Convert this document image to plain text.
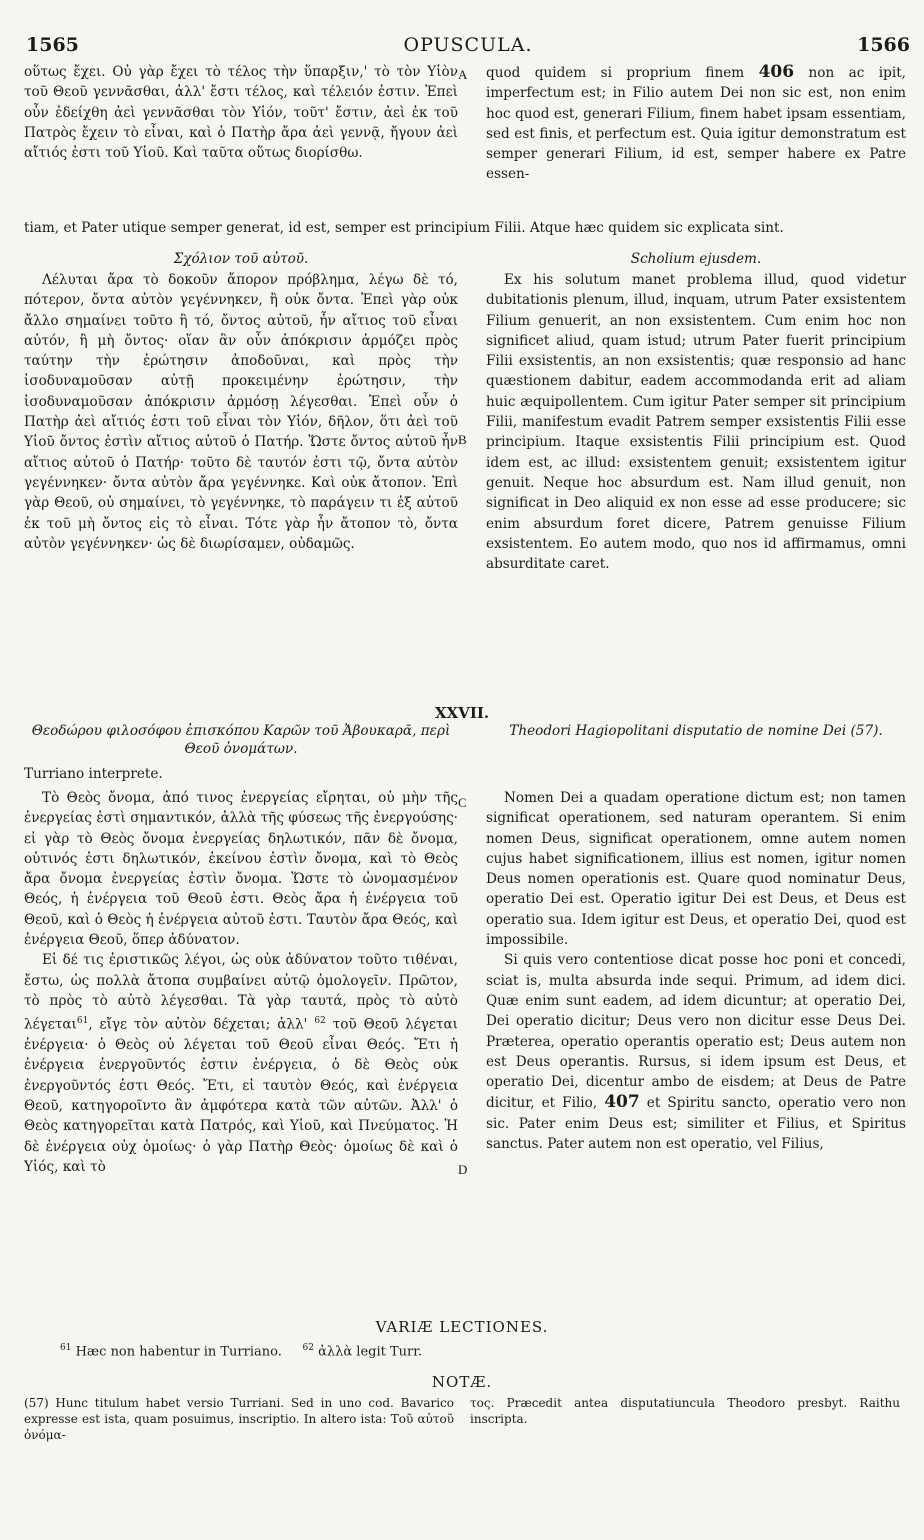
1565	OPUSCULA.	1566

οὕτως ἔχει. Οὐ γὰρ ἔχει τὸ τέλος τὴν ὕπαρξιν,' τὸ τὸν Υἱὸν τοῦ Θεοῦ γεννᾶσθαι, ἀλλ' ἔστι τέλος, καὶ τέλειόν ἐστιν. Ἐπεὶ οὖν ἐδείχθη ἀεὶ γεννᾶσθαι τὸν Υἱόν, τοῦτ' ἔστιν, ἀεὶ ἐκ τοῦ Πατρὸς ἔχειν τὸ εἶναι, καὶ ὁ Πατὴρ ἄρα ἀεὶ γεννᾷ, ἤγουν ἀεὶ αἴτιός ἐστι τοῦ Υἱοῦ. Καὶ ταῦτα οὕτως διορίσθω.

A quod quidem si proprium finem 406 non ac ipit, imperfectum est; in Filio autem Dei non sic est, non enim hoc quod est, generari Filium, finem habet ipsam essentiam, sed est finis, et perfectum est. Quia igitur demonstratum est semper generari Filium, id est, semper habere ex Patre essen-

tiam, et Pater utique semper generat, id est, semper est principium Filii. Atque hæc quidem sic explicata sint.

Σχόλιον τοῦ αὐτοῦ.	Scholium ejusdem.

Λέλυται ἄρα τὸ δοκοῦν ἄπορον πρόβλημα, λέγω δὲ τό, πότερον, ὄντα αὐτὸν γεγέννηκεν, ἢ οὐκ ὄντα. Ἐπεὶ γὰρ οὐκ ἄλλο σημαίνει τοῦτο ἢ τό, ὄντος αὐτοῦ, ἦν αἴτιος τοῦ εἶναι αὐτόν, ἢ μὴ ὄντος· οἵαν ἂν οὖν ἀπόκρισιν ἁρμόζει πρὸς ταύτην τὴν ἐρώτησιν ἀποδοῦναι, καὶ πρὸς τὴν ἰσοδυναμοῦσαν αὐτῇ προκειμένην ἐρώτησιν, τὴν ἰσοδυναμοῦσαν ἀπόκρισιν ἁρμόσῃ λέγεσθαι. Ἐπεὶ οὖν ὁ Πατὴρ ἀεὶ αἴτιός ἐστι τοῦ εἶναι τὸν Υἱόν, δῆλον, ὅτι ἀεὶ τοῦ Υἱοῦ ὄντος ἐστὶν αἴτιος αὐτοῦ ὁ Πατήρ. Ὥστε ὄντος αὐτοῦ ἦν αἴτιος αὐτοῦ ὁ Πατήρ· τοῦτο δὲ ταυτόν ἐστι τῷ, ὄντα αὐτὸν γεγέννηκεν· ὄντα αὐτὸν ἄρα γεγέννηκε. Καὶ οὐκ ἄτοπον. Ἐπὶ γὰρ Θεοῦ, οὐ σημαίνει, τὸ γεγέννηκε, τὸ παράγειν τι ἐξ αὐτοῦ ἐκ τοῦ μὴ ὄντος εἰς τὸ εἶναι. Τότε γὰρ ἦν ἄτοπον τὸ, ὄντα αὐτὸν γεγέννηκεν· ὡς δὲ διωρίσαμεν, οὐδαμῶς.

B

Ex his solutum manet problema illud, quod videtur dubitationis plenum, illud, inquam, utrum Pater exsistentem Filium genuerit, an non exsistentem. Cum enim hoc non significet aliud, quam istud; utrum Pater fuerit principium Filii exsistentis, an non exsistentis; quæ responsio ad hanc quæstionem dabitur, eadem accommodanda erit ad aliam huic æquipollentem. Cum igitur Pater semper sit principium Filii, manifestum evadit Patrem semper exsistentis Filii esse principium. Itaque exsistentis Filii principium est. Quod idem est, ac illud: exsistentem genuit; exsistentem igitur genuit. Neque hoc absurdum est. Nam illud genuit, non significat in Deo aliquid ex non esse ad esse producere; sic enim absurdum foret dicere, Patrem genuisse Filium exsistentem. Eo autem modo, quo nos id affirmamus, omni absurditate caret.

XXVII.
Θεοδώρου φιλοσόφου ἐπισκόπου Καρῶν τοῦ Ἀβουκαρᾶ, περὶ Θεοῦ ὀνομάτων.
Theodori Hagiopolitani disputatio de nomine Dei (57).
Turriano interprete.

Τὸ Θεὸς ὄνομα, ἀπό τινος ἐνεργείας εἴρηται, οὐ μὴν τῆς ἐνεργείας ἐστὶ σημαντικόν, ἀλλὰ τῆς φύσεως τῆς ἐνεργούσης· εἰ γὰρ τὸ Θεὸς ὄνομα ἐνεργείας δηλωτικόν, πᾶν δὲ ὄνομα, οὑτινός ἐστι δηλωτικόν, ἐκείνου ἐστὶν ὄνομα, καὶ τὸ Θεὸς ἄρα ὄνομα ἐνεργείας ἐστὶν ὄνομα. Ὥστε τὸ ὠνομασμένον Θεός, ἡ ἐνέργεια τοῦ Θεοῦ ἐστι. Θεὸς ἄρα ἡ ἐνέργεια τοῦ Θεοῦ, καὶ ὁ Θεὸς ἡ ἐνέργεια αὐτοῦ ἐστι. Ταυτὸν ἄρα Θεός, καὶ ἐνέργεια Θεοῦ, ὅπερ ἀδύνατον.

Εἰ δέ τις ἐριστικῶς λέγοι, ὡς οὐκ ἀδύνατον τοῦτο τιθέναι, ἔστω, ὡς πολλὰ ἄτοπα συμβαίνει αὐτῷ ὁμολογεῖν. Πρῶτον, τὸ πρὸς τὸ αὐτὸ λέγεσθαι. Τὰ γὰρ ταυτά, πρὸς τὸ αὐτὸ λέγεται$^{61}$, εἴγε τὸν αὐτὸν δέχεται; ἀλλ' $^{62}$ τοῦ Θεοῦ λέγεται ἐνέργεια· ὁ Θεὸς οὐ λέγεται τοῦ Θεοῦ εἶναι Θεός. Ἔτι ἡ ἐνέργεια ἐνεργοῦντός ἐστιν ἐνέργεια, ὁ δὲ Θεὸς οὐκ ἐνεργοῦντός ἐστι Θεός. Ἔτι, εἰ ταυτὸν Θεός, καὶ ἐνέργεια Θεοῦ, κατηγοροῖντο ἂν ἀμφότερα κατὰ τῶν αὐτῶν. Ἀλλ' ὁ Θεὸς κατηγορεῖται κατὰ Πατρός, καὶ Υἱοῦ, καὶ Πνεύματος. Ἡ δὲ ἐνέργεια οὐχ ὁμοίως· ὁ γὰρ Πατὴρ Θεὸς· ὁμοίως δὲ καὶ ὁ Υἱός, καὶ τὸ

C
D

Nomen Dei a quadam operatione dictum est; non tamen significat operationem, sed naturam operantem. Si enim nomen Deus, significat operationem, omne autem nomen cujus habet significationem, illius est nomen, igitur nomen Deus nomen operationis est. Quare quod nominatur Deus, operatio Dei est. Operatio igitur Dei est Deus, et Deus est operatio sua. Idem igitur est Deus, et operatio Dei, quod est impossibile.

Si quis vero contentiose dicat posse hoc poni et concedi, sciat is, multa absurda inde sequi. Primum, ad idem dici. Quæ enim sunt eadem, ad idem dicuntur; at operatio Dei, Dei operatio dicitur; Deus vero non dicitur esse Deus Dei. Præterea, operatio operantis operatio est; Deus autem non est Deus operantis. Rursus, si idem ipsum est Deus, et operatio Dei, dicentur ambo de eisdem; at Deus de Patre dicitur, et Filio, 407 et Spiritu sancto, operatio vero non sic. Pater enim Deus est; similiter et Filius, et Spiritus sanctus. Pater autem non est operatio, vel Filius,

VARIÆ LECTIONES.
$^{61}$ Hæc non habentur in Turriano. $^{62}$ ἀλλὰ legit Turr.
NOTÆ.
(57) Hunc titulum habet versio Turriani. Sed in uno cod. Bavarico expresse est ista, quam posuimus, inscriptio. In altero ista: Τοῦ αὐτοῦ ὀνόμα-
τος. Præcedit antea disputatiuncula Theodoro presbyt. Raithu inscripta.
